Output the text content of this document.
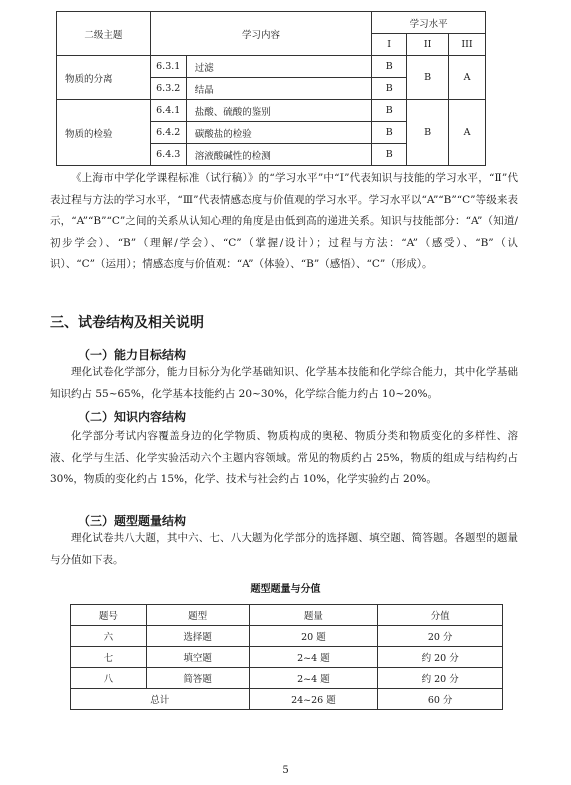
二级主题	学习内容		学习水平		
			I	II	III
物质的分离	6.3.1	过滤	B	B	A
	6.3.2	结晶	B		
物质的检验	6.4.1	盐酸、硫酸的鉴别	B	B	A
	6.4.2	碳酸盐的检验	B		
	6.4.3	溶液酸碱性的检测	B		
《上海市中学化学课程标准（试行稿）》的“学习水平”中“Ⅰ”代表知识与技能的学习水平，“Ⅱ”代表过程与方法的学习水平，“Ⅲ”代表情感态度与价值观的学习水平。学习水平以“A”“B”“C”等级来表示，“A”“B”“C”之间的关系从认知心理的角度是由低到高的递进关系。知识与技能部分：“A”（知道/初步学会）、“B”（理解/学会）、“C”（掌握/设计）；过程与方法：“A”（感受）、“B”（认识）、“C”（运用）；情感态度与价值观：“A”（体验）、“B”（感悟）、“C”（形成）。
三、试卷结构及相关说明
（一）能力目标结构
理化试卷化学部分，能力目标分为化学基础知识、化学基本技能和化学综合能力，其中化学基础知识约占 55~65%，化学基本技能约占 20~30%，化学综合能力约占 10~20%。
（二）知识内容结构
化学部分考试内容覆盖身边的化学物质、物质构成的奥秘、物质分类和物质变化的多样性、溶液、化学与生活、化学实验活动六个主题内容领域。常见的物质约占 25%，物质的组成与结构约占 30%，物质的变化约占 15%，化学、技术与社会约占 10%，化学实验约占 20%。
（三）题型题量结构
理化试卷共八大题，其中六、七、八大题为化学部分的选择题、填空题、简答题。各题型的题量与分值如下表。
题型题量与分值
题号	题型	题量	分值
六	选择题	20 题	20 分
七	填空题	2~4 题	约 20 分
八	简答题	2~4 题	约 20 分
总计		24~26 题	60 分
5
